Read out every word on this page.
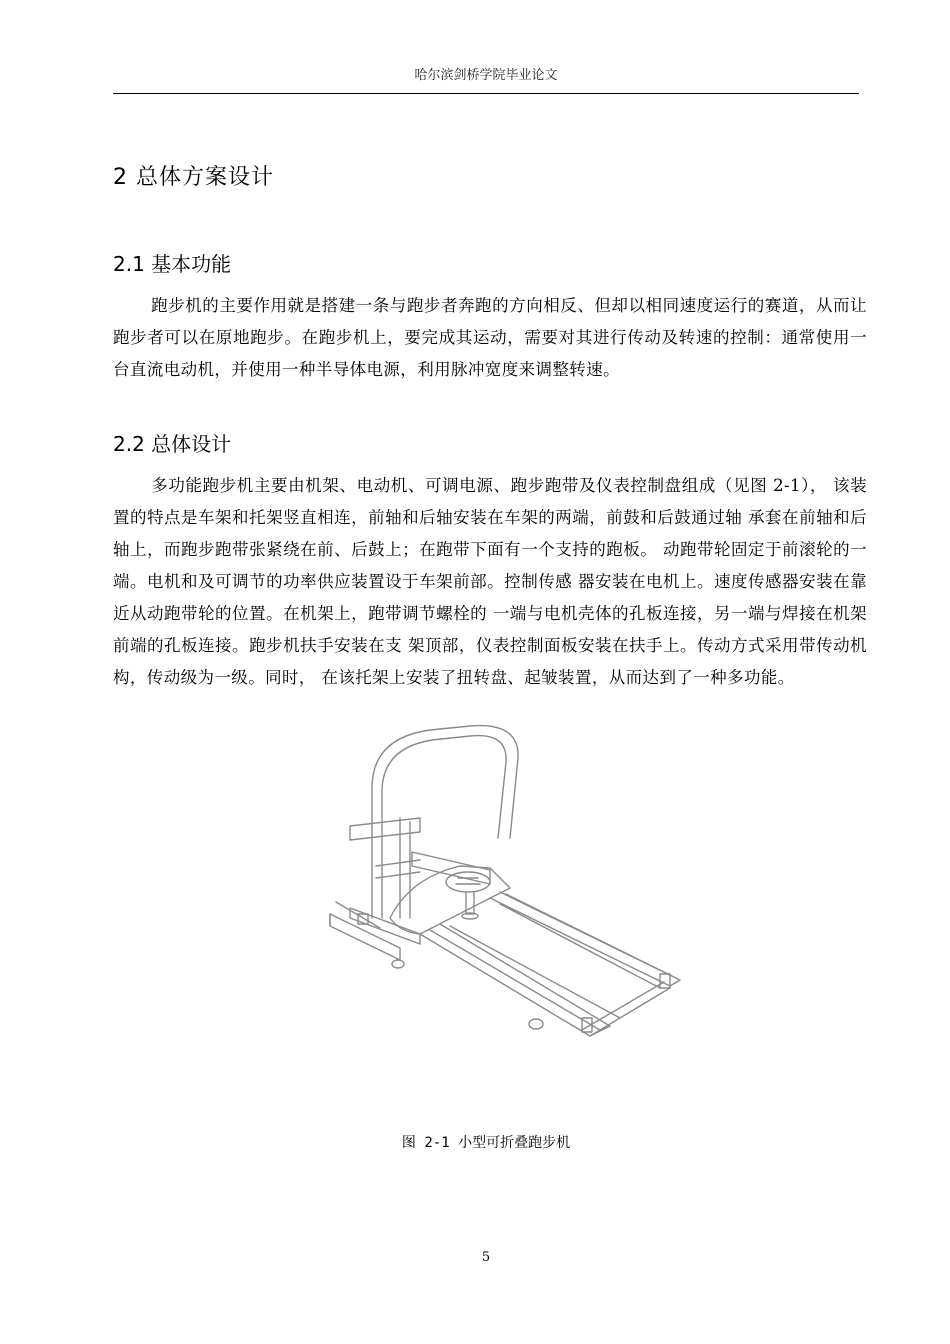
哈尔滨剑桥学院毕业论文
2 总体方案设计
2.1 基本功能
跑步机的主要作用就是搭建一条与跑步者奔跑的方向相反、但却以相同速度运行的赛道，从而让跑步者可以在原地跑步。在跑步机上，要完成其运动，需要对其进行传动及转速的控制：通常使用一台直流电动机，并使用一种半导体电源，利用脉冲宽度来调整转速。
2.2 总体设计
多功能跑步机主要由机架、电动机、可调电源、跑步跑带及仪表控制盘组成（见图 2-1）， 该装置的特点是车架和托架竖直相连，前轴和后轴安装在车架的两端，前鼓和后鼓通过轴 承套在前轴和后轴上，而跑步跑带张紧绕在前、后鼓上；在跑带下面有一个支持的跑板。 动跑带轮固定于前滚轮的一端。电机和及可调节的功率供应装置设于车架前部。控制传感 器安装在电机上。速度传感器安装在靠近从动跑带轮的位置。在机架上，跑带调节螺栓的 一端与电机壳体的孔板连接，另一端与焊接在机架前端的孔板连接。跑步机扶手安装在支 架顶部，仪表控制面板安装在扶手上。传动方式采用带传动机构，传动级为一级。同时， 在该托架上安装了扭转盘、起皱装置，从而达到了一种多功能。
图 2-1 小型可折叠跑步机
5
